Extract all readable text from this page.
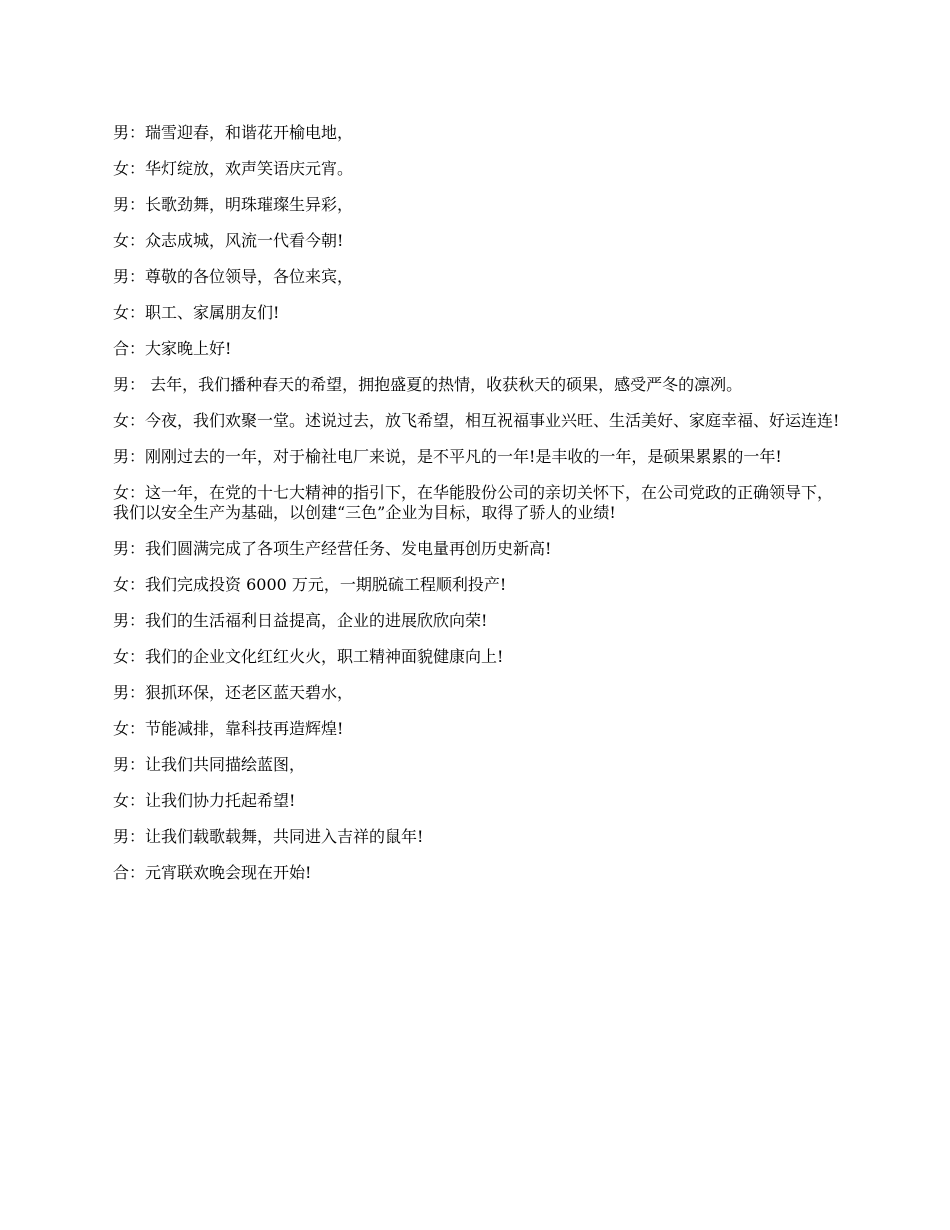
男：瑞雪迎春，和谐花开榆电地，

女：华灯绽放，欢声笑语庆元宵。

男：长歌劲舞，明珠璀璨生异彩，

女：众志成城，风流一代看今朝!

男：尊敬的各位领导，各位来宾，

女：职工、家属朋友们!

合：大家晚上好!

男： 去年，我们播种春天的希望，拥抱盛夏的热情，收获秋天的硕果，感受严冬的凛冽。

女：今夜，我们欢聚一堂。述说过去，放飞希望，相互祝福事业兴旺、生活美好、家庭幸福、好运连连!

男：刚刚过去的一年，对于榆社电厂来说，是不平凡的一年!是丰收的一年，是硕果累累的一年!

女：这一年，在党的十七大精神的指引下，在华能股份公司的亲切关怀下，在公司党政的正确领导下，我们以安全生产为基础，以创建“三色”企业为目标，取得了骄人的业绩!

男：我们圆满完成了各项生产经营任务、发电量再创历史新高!

女：我们完成投资 6000 万元，一期脱硫工程顺利投产!

男：我们的生活福利日益提高，企业的进展欣欣向荣!

女：我们的企业文化红红火火，职工精神面貌健康向上!

男：狠抓环保，还老区蓝天碧水，

女：节能减排，靠科技再造辉煌!

男：让我们共同描绘蓝图，

女：让我们协力托起希望!

男：让我们载歌载舞，共同进入吉祥的鼠年!

合：元宵联欢晚会现在开始!
